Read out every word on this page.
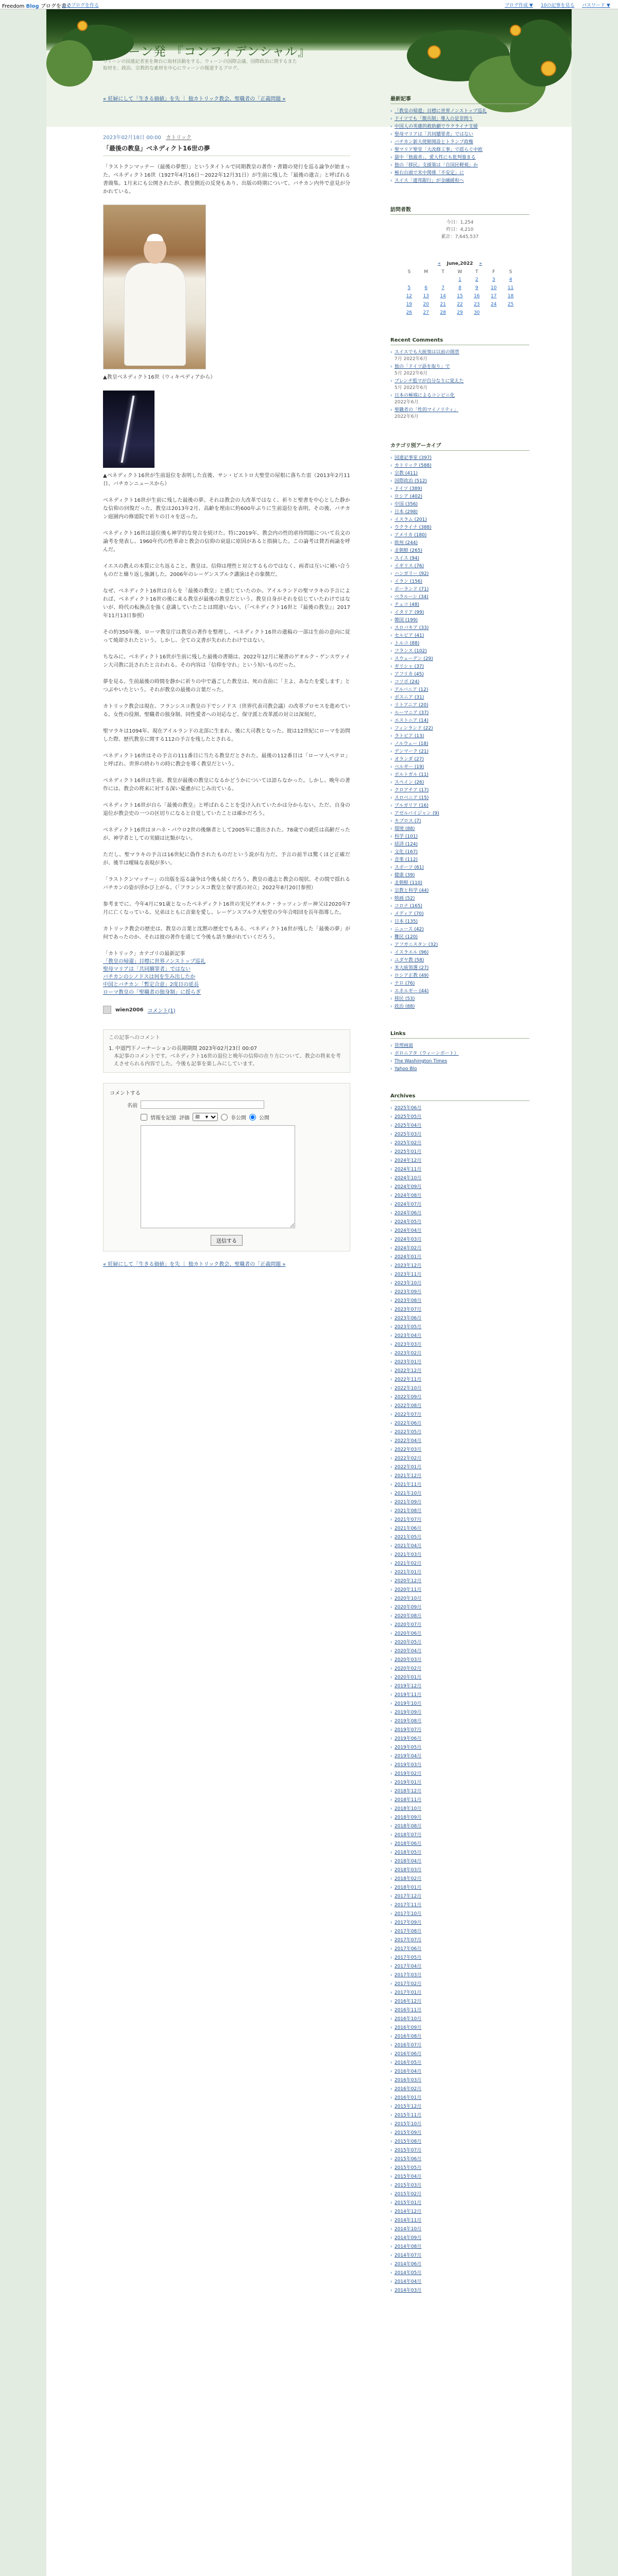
Freedom Blog ブログを書く
このブログを作る	ブログ作成 ▼ 10の記事を見る パスワード ▼
ウィーン発 『コンフィデンシャル』
ウィーンの国連記者室を舞台に取材活動をする。ウィーンの国際会議、国際政治に関するまた取材を、政治、宗教的な素材を中心にウィーンの報道するブログ。
« 妊婦にして「生きる価値」を失 ｜ 独カトリック教会、聖職者の「正義問題 »
2023年02月18日 00:00 カトリック
「最後の教皇」ベネディクト16世の夢

「ラストクンマッテー（最後の夢想）」というタイトルで同期教皇の著作・書籍の発行を巡る論争が始まった。ベネディクト16世（1927年4月16日～2022年12月31日）が生前に残した「最後の遺言」と呼ばれる書簡集。1月末にも公開されたが、教皇側近の反発もあり、出版の時期について、バチカン内外で意見が分かれている。

▲教皇ベネディクト16世（ウィキペディアから）

▲ベネディクト16世が生前退位を表明した直後、サン・ピエトロ大聖堂の屋根に落ちた雷（2013年2月11日、バチカンニュースから）

ベネディクト16世が生前に残した最後の夢。それは教会の大改革ではなく、祈りと聖書を中心とした静かな信仰の回復だった。教皇は2013年2月、高齢を理由に約600年ぶりに生前退位を表明。その後、バチカン庭園内の修道院で祈りの日々を送った。

ベネディクト16世は退位後も神学的な発言を続けた。特に2019年、教会内の性的虐待問題について長文の論考を発表し、1960年代の性革命と教会の信仰の衰退に原因があると指摘した。この論考は賛否両論を呼んだ。

イエスの教えの本質に立ち返ること。教皇は、信仰は理性と対立するものではなく、両者は互いに補い合うものだと繰り返し強調した。2006年のレーゲンスブルク講演はその象徴だ。

なぜ、ベネディクト16世は自らを「最後の教皇」と感じていたのか。アイルランドの聖マラキの予言によれば、ベネディクト16世の後に来る教皇が最後の教皇だという。教皇自身がそれを信じていたわけではないが、時代の転換点を強く意識していたことは間違いない。（「ベネディクト16世と『最後の教皇』」2017年11月13日参照）

その約350年後、ローマ教皇庁は教皇の著作を整理し、ベネディクト16世の遺稿の一部は生前の意向に従って焼却されたという。しかし、全ての文書が失われたわけではない。

ちなみに、ベネディクト16世が生前に残した最後の書簡は、2022年12月に秘書のゲオルク・ゲンスヴァイン大司教に託されたと言われる。その内容は「信仰を守れ」という短いものだった。

夢を見る。生前最後の時間を静かに祈りの中で過ごした教皇は、死の直前に「主よ、あなたを愛します」とつぶやいたという。それが教皇の最後の言葉だった。

カトリック教会は現在、フランシスコ教皇の下でシノドス（世界代表司教会議）の改革プロセスを進めている。女性の役割、聖職者の独身制、同性愛者への対応など、保守派と改革派の対立は深刻だ。

聖マラキは1094年、現在アイルランドの北部に生まれ、後に大司教となった。彼は12世紀にローマを訪問した際、歴代教皇に関する112の予言を残したとされる。

ベネディクト16世はその予言の111番目に当たる教皇だとされた。最後の112番目は「ローマ人ペテロ」と呼ばれ、世界の終わりの時に教会を導く教皇だという。

ベネディクト16世は生前、教皇が最後の教皇になるかどうかについては語らなかった。しかし、晩年の著作には、教会の将来に対する深い憂慮がにじみ出ている。

ベネディクト16世が自ら「最後の教皇」と呼ばれることを受け入れていたかは分からない。ただ、自身の退位が教会史の一つの区切りになると自覚していたことは確かだろう。

ベネディクト16世はヨハネ・パウロ2世の後継者として2005年に選出された。78歳での就任は高齢だったが、神学者としての実績は比類がない。

ただし、聖マラキの予言は16世紀に偽作されたものだという説が有力だ。予言の前半は驚くほど正確だが、後半は曖昧な表現が多い。

「ラストクンマッテー」の出版を巡る論争は今後も続くだろう。教皇の遺志と教会の現状、その間で揺れるバチカンの姿が浮かび上がる。（「フランシスコ教皇と保守派の対立」2022年8月20日参照）

参考までに、今年4月に91歳となったベネディクト16世の実兄ゲオルク・ラッツィンガー神父は2020年7月に亡くなっている。兄弟はともに音楽を愛し、レーゲンスブルク大聖堂の少年合唱団を長年指導した。

カトリック教会の歴史は、教皇の言葉と沈黙の歴史でもある。ベネディクト16世が残した「最後の夢」が何であったのか、それは彼の著作を通じて今後も語り継がれていくだろう。

「カトリック」カテゴリの最新記事
「教皇の帰還」目標に世界ノンストップ巡礼
聖母マリアは「共同贖罪者」ではない
バチカンのシノドスは何を生み出したか
中国とバチカン「暫定合意」2度目の延長
ローマ教皇の「聖職者の独身制」に揺らぎ
wien2006 コメント(1)
この記事へのコメント
1. 中道門下ノーナーションの長期期間 2023年02月23日 00:07
本記事のコメントです。ベネディクト16世の退位と晩年の信仰の在り方について、教会の将来を考えさせられる内容でした。今後も記事を楽しみにしています。
コメントする
名前
情報を記憶 評価
顔　▼	非公開	公開
送信する
« 妊婦にして「生きる価値」を失 ｜ 独カトリック教会、聖職者の「正義問題 »
最新記事
› 「教皇の帰還」目標に世界ノンストップ巡礼
› ドイツでも「徴兵制」導入の是非問う
› 中国人の英雄的救助劇でウクライナ支援
› 聖母マリアは「共同贖罪者」ではない
› バチカン新大使館開設とトランプ政権
› 聖マリア聖堂「大改修工事」で揺らぐ中欧
› 獄中「独裁者」、愛人性にも批判強まる
› 独の「移民」支援策は「自国民軽視」か
› 極右台頭で米中関係「不安定」に
› スイス「連邦銀行」が金融緩和へ
訪問者数
今日：1,254
昨日：4,210
累計：7,645,537
« June,2022 »
S	M	T	W	T	F	S
			1	2	3	4
5	6	7	8	9	10	11
12	13	14	15	16	17	18
19	20	21	22	23	24	25
26	27	28	29	30		
Recent Comments
› スイスでも大統領は以前の開票
7月 2022年6月
› 独の「ドイツ語を取り」で
5月 2022年6月
› ブレンチ監マが自分なりに覚えた
5月 2022年6月
› 日本の極端によるコンビニ化
2022年6月
› 聖職者の「性的マイノリティ」
2022年6月
カテゴリ別アーカイブ
› 国連記事室 (397)
› カトリック (588)
› 宗教 (411)
› 国際政治 (512)
› ドイツ (389)
› ロシア (402)
› 中国 (356)
› 日本 (298)
› イスラム (201)
› ウクライナ (388)
› アメリカ (180)
› 欧州 (244)
› 北朝鮮 (265)
› スイス (94)
› イギリス (76)
› ハンガリー (92)
› イラン (156)
› ポーランド (71)
› ベラルーシ (34)
› チェコ (48)
› イタリア (99)
› 韓国 (199)
› スロバキア (33)
› セルビア (41)
› トルコ (88)
› フランス (102)
› スウェーデン (29)
› ギリシャ (37)
› アフリカ (45)
› コソボ (24)
› アルバニア (12)
› ボスニア (31)
› リトアニア (20)
› ルーマニア (37)
› エストニア (14)
› フィンランド (22)
› ラトビア (13)
› ノルウェー (18)
› デンマーク (21)
› オランダ (27)
› ベルギー (19)
› ポルトガル (11)
› スペイン (26)
› クロアチア (17)
› スロベニア (15)
› ブルガリア (16)
› アゼルバイジャン (9)
› キプロス (7)
› 環境 (88)
› 科学 (101)
› 経済 (124)
› 文化 (167)
› 音楽 (112)
› スポーツ (61)
› 健康 (39)
› 北朝鮮 (110)
› 宗教と科学 (44)
› 映画 (52)
› コロナ (165)
› メディア (70)
› 日本 (135)
› ニュース (42)
› 難民 (120)
› アフガニスタン (32)
› イスラエル (96)
› ユダヤ教 (58)
› 米大統領選 (27)
› ロシア正教 (49)
› テロ (76)
› エネルギー (44)
› 移民 (53)
› 政治 (88)
Links
› 管理画面
› ポロニアタ（ウィーンボート）
› The Washington Times
› Yahoo Blo
Archives
› 2025年06月
› 2025年05月
› 2025年04月
› 2025年03月
› 2025年02月
› 2025年01月
› 2024年12月
› 2024年11月
› 2024年10月
› 2024年09月
› 2024年08月
› 2024年07月
› 2024年06月
› 2024年05月
› 2024年04月
› 2024年03月
› 2024年02月
› 2024年01月
› 2023年12月
› 2023年11月
› 2023年10月
› 2023年09月
› 2023年08月
› 2023年07月
› 2023年06月
› 2023年05月
› 2023年04月
› 2023年03月
› 2023年02月
› 2023年01月
› 2022年12月
› 2022年11月
› 2022年10月
› 2022年09月
› 2022年08月
› 2022年07月
› 2022年06月
› 2022年05月
› 2022年04月
› 2022年03月
› 2022年02月
› 2022年01月
› 2021年12月
› 2021年11月
› 2021年10月
› 2021年09月
› 2021年08月
› 2021年07月
› 2021年06月
› 2021年05月
› 2021年04月
› 2021年03月
› 2021年02月
› 2021年01月
› 2020年12月
› 2020年11月
› 2020年10月
› 2020年09月
› 2020年08月
› 2020年07月
› 2020年06月
› 2020年05月
› 2020年04月
› 2020年03月
› 2020年02月
› 2020年01月
› 2019年12月
› 2019年11月
› 2019年10月
› 2019年09月
› 2019年08月
› 2019年07月
› 2019年06月
› 2019年05月
› 2019年04月
› 2019年03月
› 2019年02月
› 2019年01月
› 2018年12月
› 2018年11月
› 2018年10月
› 2018年09月
› 2018年08月
› 2018年07月
› 2018年06月
› 2018年05月
› 2018年04月
› 2018年03月
› 2018年02月
› 2018年01月
› 2017年12月
› 2017年11月
› 2017年10月
› 2017年09月
› 2017年08月
› 2017年07月
› 2017年06月
› 2017年05月
› 2017年04月
› 2017年03月
› 2017年02月
› 2017年01月
› 2016年12月
› 2016年11月
› 2016年10月
› 2016年09月
› 2016年08月
› 2016年07月
› 2016年06月
› 2016年05月
› 2016年04月
› 2016年03月
› 2016年02月
› 2016年01月
› 2015年12月
› 2015年11月
› 2015年10月
› 2015年09月
› 2015年08月
› 2015年07月
› 2015年06月
› 2015年05月
› 2015年04月
› 2015年03月
› 2015年02月
› 2015年01月
› 2014年12月
› 2014年11月
› 2014年10月
› 2014年09月
› 2014年08月
› 2014年07月
› 2014年06月
› 2014年05月
› 2014年04月
› 2014年03月
